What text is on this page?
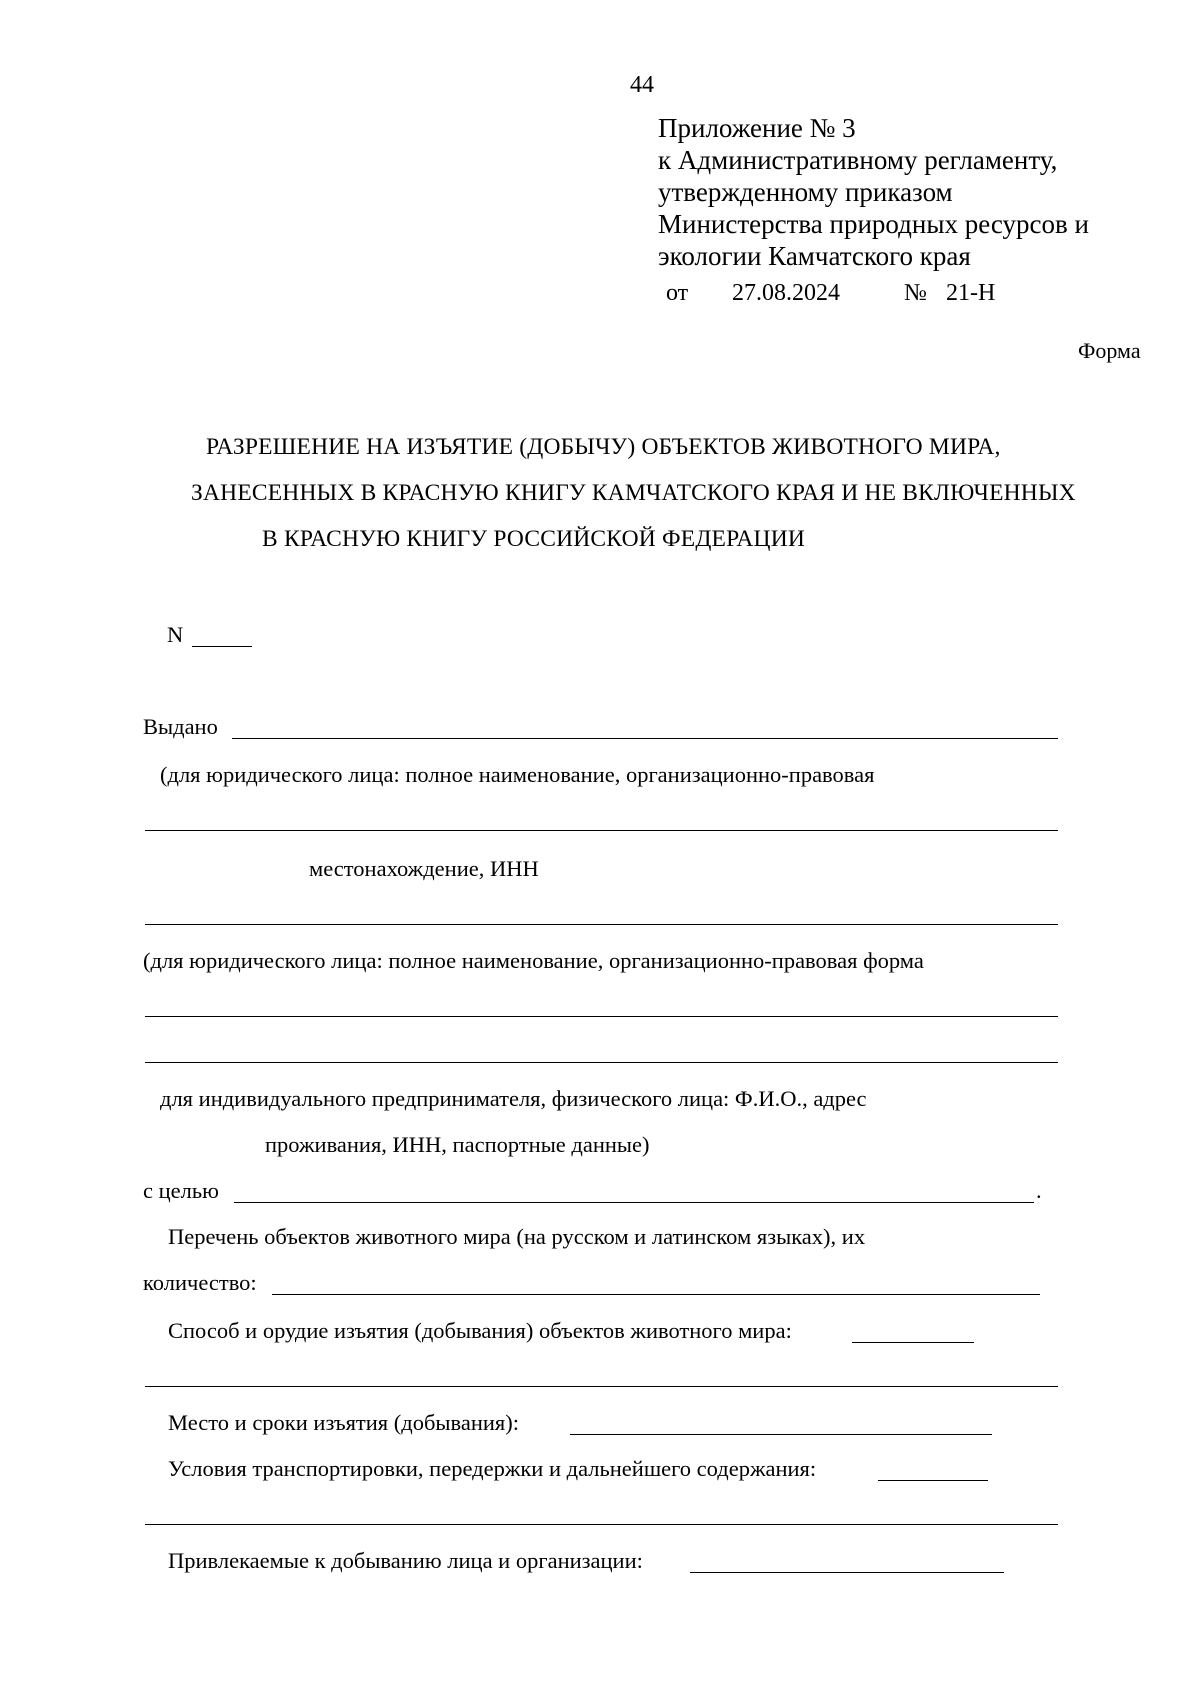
44
Приложение № 3
к Административному регламенту,
утвержденному приказом
Министерства природных ресурсов и
экологии Камчатского края
от 27.08.2024	№ 21-Н
Форма
РАЗРЕШЕНИЕ НА ИЗЪЯТИЕ (ДОБЫЧУ) ОБЪЕКТОВ ЖИВОТНОГО МИРА,
ЗАНЕСЕННЫХ В КРАСНУЮ КНИГУ КАМЧАТСКОГО КРАЯ И НЕ ВКЛЮЧЕННЫХ
В КРАСНУЮ КНИГУ РОССИЙСКОЙ ФЕДЕРАЦИИ
N
Выдано
(для юридического лица: полное наименование, организационно-правовая
местонахождение, ИНН
(для юридического лица: полное наименование, организационно-правовая форма
для индивидуального предпринимателя, физического лица: Ф.И.О., адрес
проживания, ИНН, паспортные данные)
с целью	.
Перечень объектов животного мира (на русском и латинском языках), их
количество:
Способ и орудие изъятия (добывания) объектов животного мира:
Место и сроки изъятия (добывания):
Условия транспортировки, передержки и дальнейшего содержания:
Привлекаемые к добыванию лица и организации:
